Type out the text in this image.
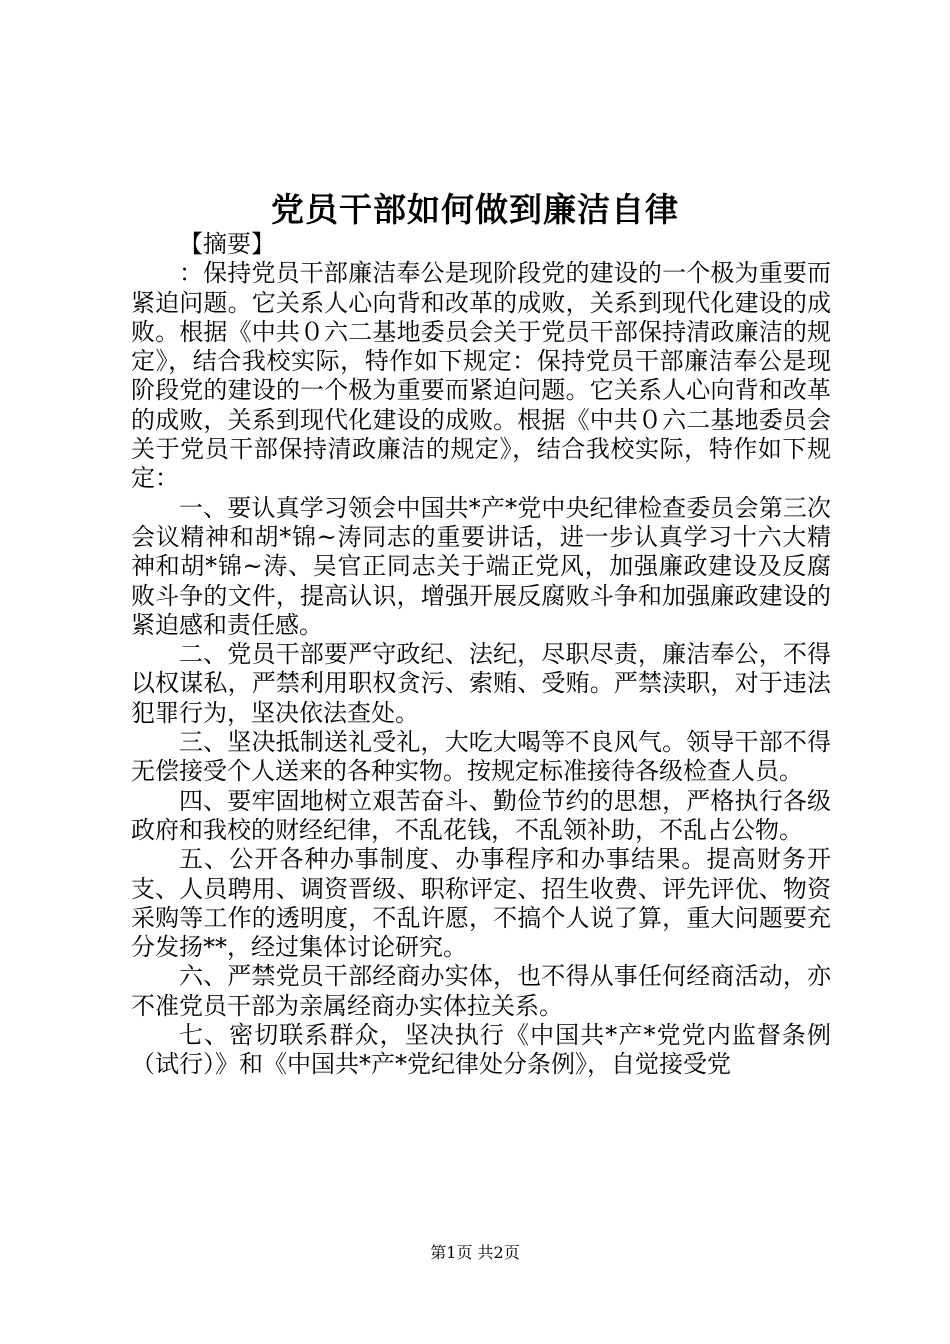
党员干部如何做到廉洁自律

【摘要】

：保持党员干部廉洁奉公是现阶段党的建设的一个极为重要而紧迫问题。它关系人心向背和改革的成败，关系到现代化建设的成败。根据《中共０六二基地委员会关于党员干部保持清政廉洁的规定》，结合我校实际，特作如下规定：保持党员干部廉洁奉公是现阶段党的建设的一个极为重要而紧迫问题。它关系人心向背和改革的成败，关系到现代化建设的成败。根据《中共０六二基地委员会关于党员干部保持清政廉洁的规定》，结合我校实际，特作如下规定：

一、要认真学习领会中国共*产*党中央纪律检查委员会第三次会议精神和胡*锦~涛同志的重要讲话，进一步认真学习十六大精神和胡*锦~涛、吴官正同志关于端正党风，加强廉政建设及反腐败斗争的文件，提高认识，增强开展反腐败斗争和加强廉政建设的紧迫感和责任感。

二、党员干部要严守政纪、法纪，尽职尽责，廉洁奉公，不得以权谋私，严禁利用职权贪污、索贿、受贿。严禁渎职，对于违法犯罪行为，坚决依法查处。

三、坚决抵制送礼受礼，大吃大喝等不良风气。领导干部不得无偿接受个人送来的各种实物。按规定标准接待各级检查人员。

四、要牢固地树立艰苦奋斗、勤俭节约的思想，严格执行各级政府和我校的财经纪律，不乱花钱，不乱领补助，不乱占公物。

五、公开各种办事制度、办事程序和办事结果。提高财务开支、人员聘用、调资晋级、职称评定、招生收费、评先评优、物资采购等工作的透明度，不乱许愿，不搞个人说了算，重大问题要充分发扬**，经过集体讨论研究。

六、严禁党员干部经商办实体，也不得从事任何经商活动，亦不准党员干部为亲属经商办实体拉关系。

七、密切联系群众，坚决执行《中国共*产*党党内监督条例（试行）》和《中国共*产*党纪律处分条例》，自觉接受党

第1页 共2页
